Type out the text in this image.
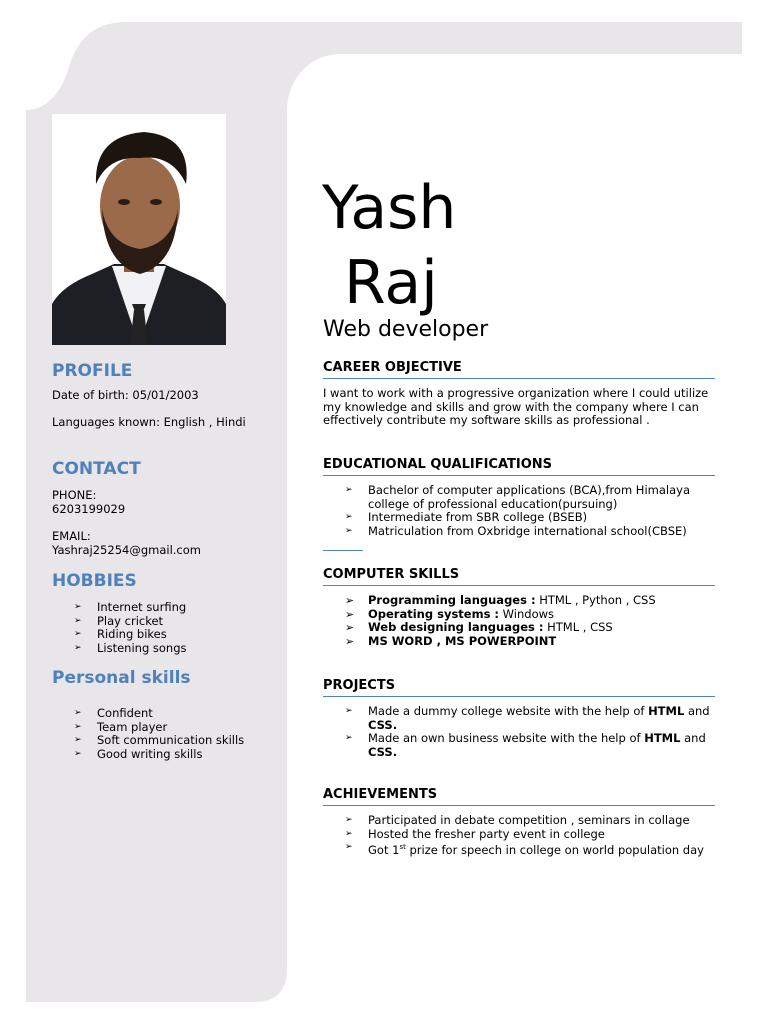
PROFILE

Date of birth: 05/01/2003

Languages known: English , Hindi

CONTACT

PHONE:

6203199029

EMAIL:

Yashraj25254@gmail.com

HOBBIES
➢ Internet surfing
➢ Play cricket
➢ Riding bikes
➢ Listening songs
Personal skills
➢ Confident
➢ Team player
➢ Soft communication skills
➢ Good writing skills
Yash
Raj
Web developer
CAREER OBJECTIVE

I want to work with a progressive organization where I could utilize my knowledge and skills and grow with the company where I can effectively contribute my software skills as professional .

EDUCATIONAL QUALIFICATIONS
➢ Bachelor of computer applications (BCA),from Himalaya college of professional education(pursuing)
➢ Intermediate from SBR college (BSEB)
➢ Matriculation from Oxbridge international school(CBSE)
COMPUTER SKILLS
➢ Programming languages : HTML , Python , CSS
➢ Operating systems : Windows
➢ Web designing languages : HTML , CSS
➢ MS WORD , MS POWERPOINT
PROJECTS
➢ Made a dummy college website with the help of HTML and CSS.
➢ Made an own business website with the help of HTML and CSS.
ACHIEVEMENTS
➢ Participated in debate competition , seminars in collage
➢ Hosted the fresher party event in college
➢ Got 1st prize for speech in college on world population day
